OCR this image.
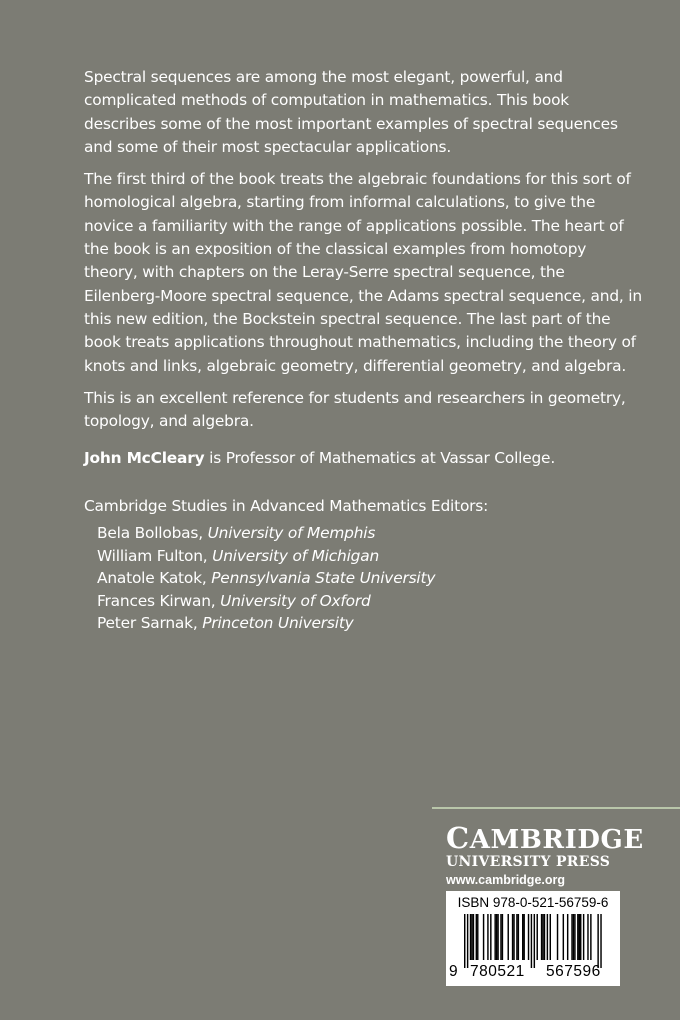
Spectral sequences are among the most elegant, powerful, and complicated methods of computation in mathematics. This book describes some of the most important examples of spectral sequences and some of their most spectacular applications.

The first third of the book treats the algebraic foundations for this sort of homological algebra, starting from informal calculations, to give the novice a familiarity with the range of applications possible. The heart of the book is an exposition of the classical examples from homotopy theory, with chapters on the Leray-Serre spectral sequence, the Eilenberg-Moore spectral sequence, the Adams spectral sequence, and, in this new edition, the Bockstein spectral sequence. The last part of the book treats applications throughout mathematics, including the theory of knots and links, algebraic geometry, differential geometry, and algebra.

This is an excellent reference for students and researchers in geometry, topology, and algebra.

John McCleary is Professor of Mathematics at Vassar College.

Cambridge Studies in Advanced Mathematics Editors:
Bela Bollobas, University of Memphis
William Fulton, University of Michigan
Anatole Katok, Pennsylvania State University
Frances Kirwan, University of Oxford
Peter Sarnak, Princeton University
CAMBRIDGE
UNIVERSITY PRESS
www.cambridge.org
ISBN 978-0-521-56759-6
9 780521 567596
